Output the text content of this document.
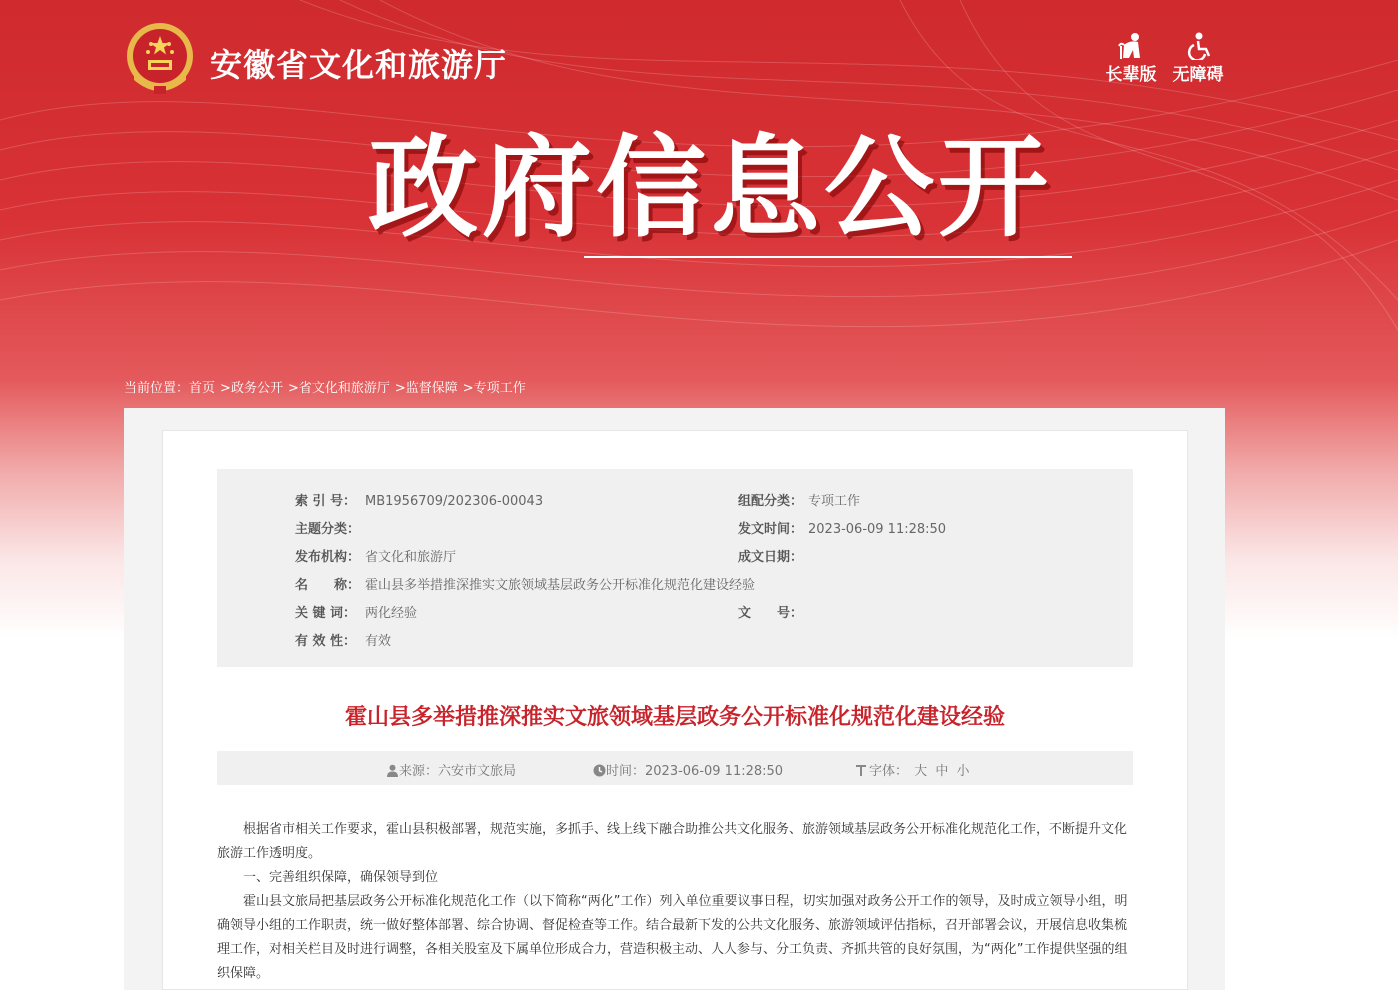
安徽省文化和旅游厅	长辈版 无障碍
政府信息公开
当前位置：首页 >政务公开 >省文化和旅游厅 >监督保障 >专项工作
索 引 号： MB1956709/202306-00043	组配分类： 专项工作
主题分类：	发文时间： 2023-06-09 11:28:50
发布机构： 省文化和旅游厅	成文日期：
名　　称： 霍山县多举措推深推实文旅领域基层政务公开标准化规范化建设经验
关 键 词： 两化经验	文　　号：
有 效 性： 有效
霍山县多举措推深推实文旅领域基层政务公开标准化规范化建设经验
来源：六安市文旅局	时间：2023-06-09 11:28:50	字体： 大 中 小

根据省市相关工作要求，霍山县积极部署，规范实施，多抓手、线上线下融合助推公共文化服务、旅游领域基层政务公开标准化规范化工作，不断提升文化旅游工作透明度。

一、完善组织保障，确保领导到位

霍山县文旅局把基层政务公开标准化规范化工作（以下简称“两化”工作）列入单位重要议事日程，切实加强对政务公开工作的领导，及时成立领导小组，明确领导小组的工作职责，统一做好整体部署、综合协调、督促检查等工作。结合最新下发的公共文化服务、旅游领域评估指标，召开部署会议，开展信息收集梳理工作，对相关栏目及时进行调整，各相关股室及下属单位形成合力，营造积极主动、人人参与、分工负责、齐抓共管的良好氛围，为“两化”工作提供坚强的组织保障。
